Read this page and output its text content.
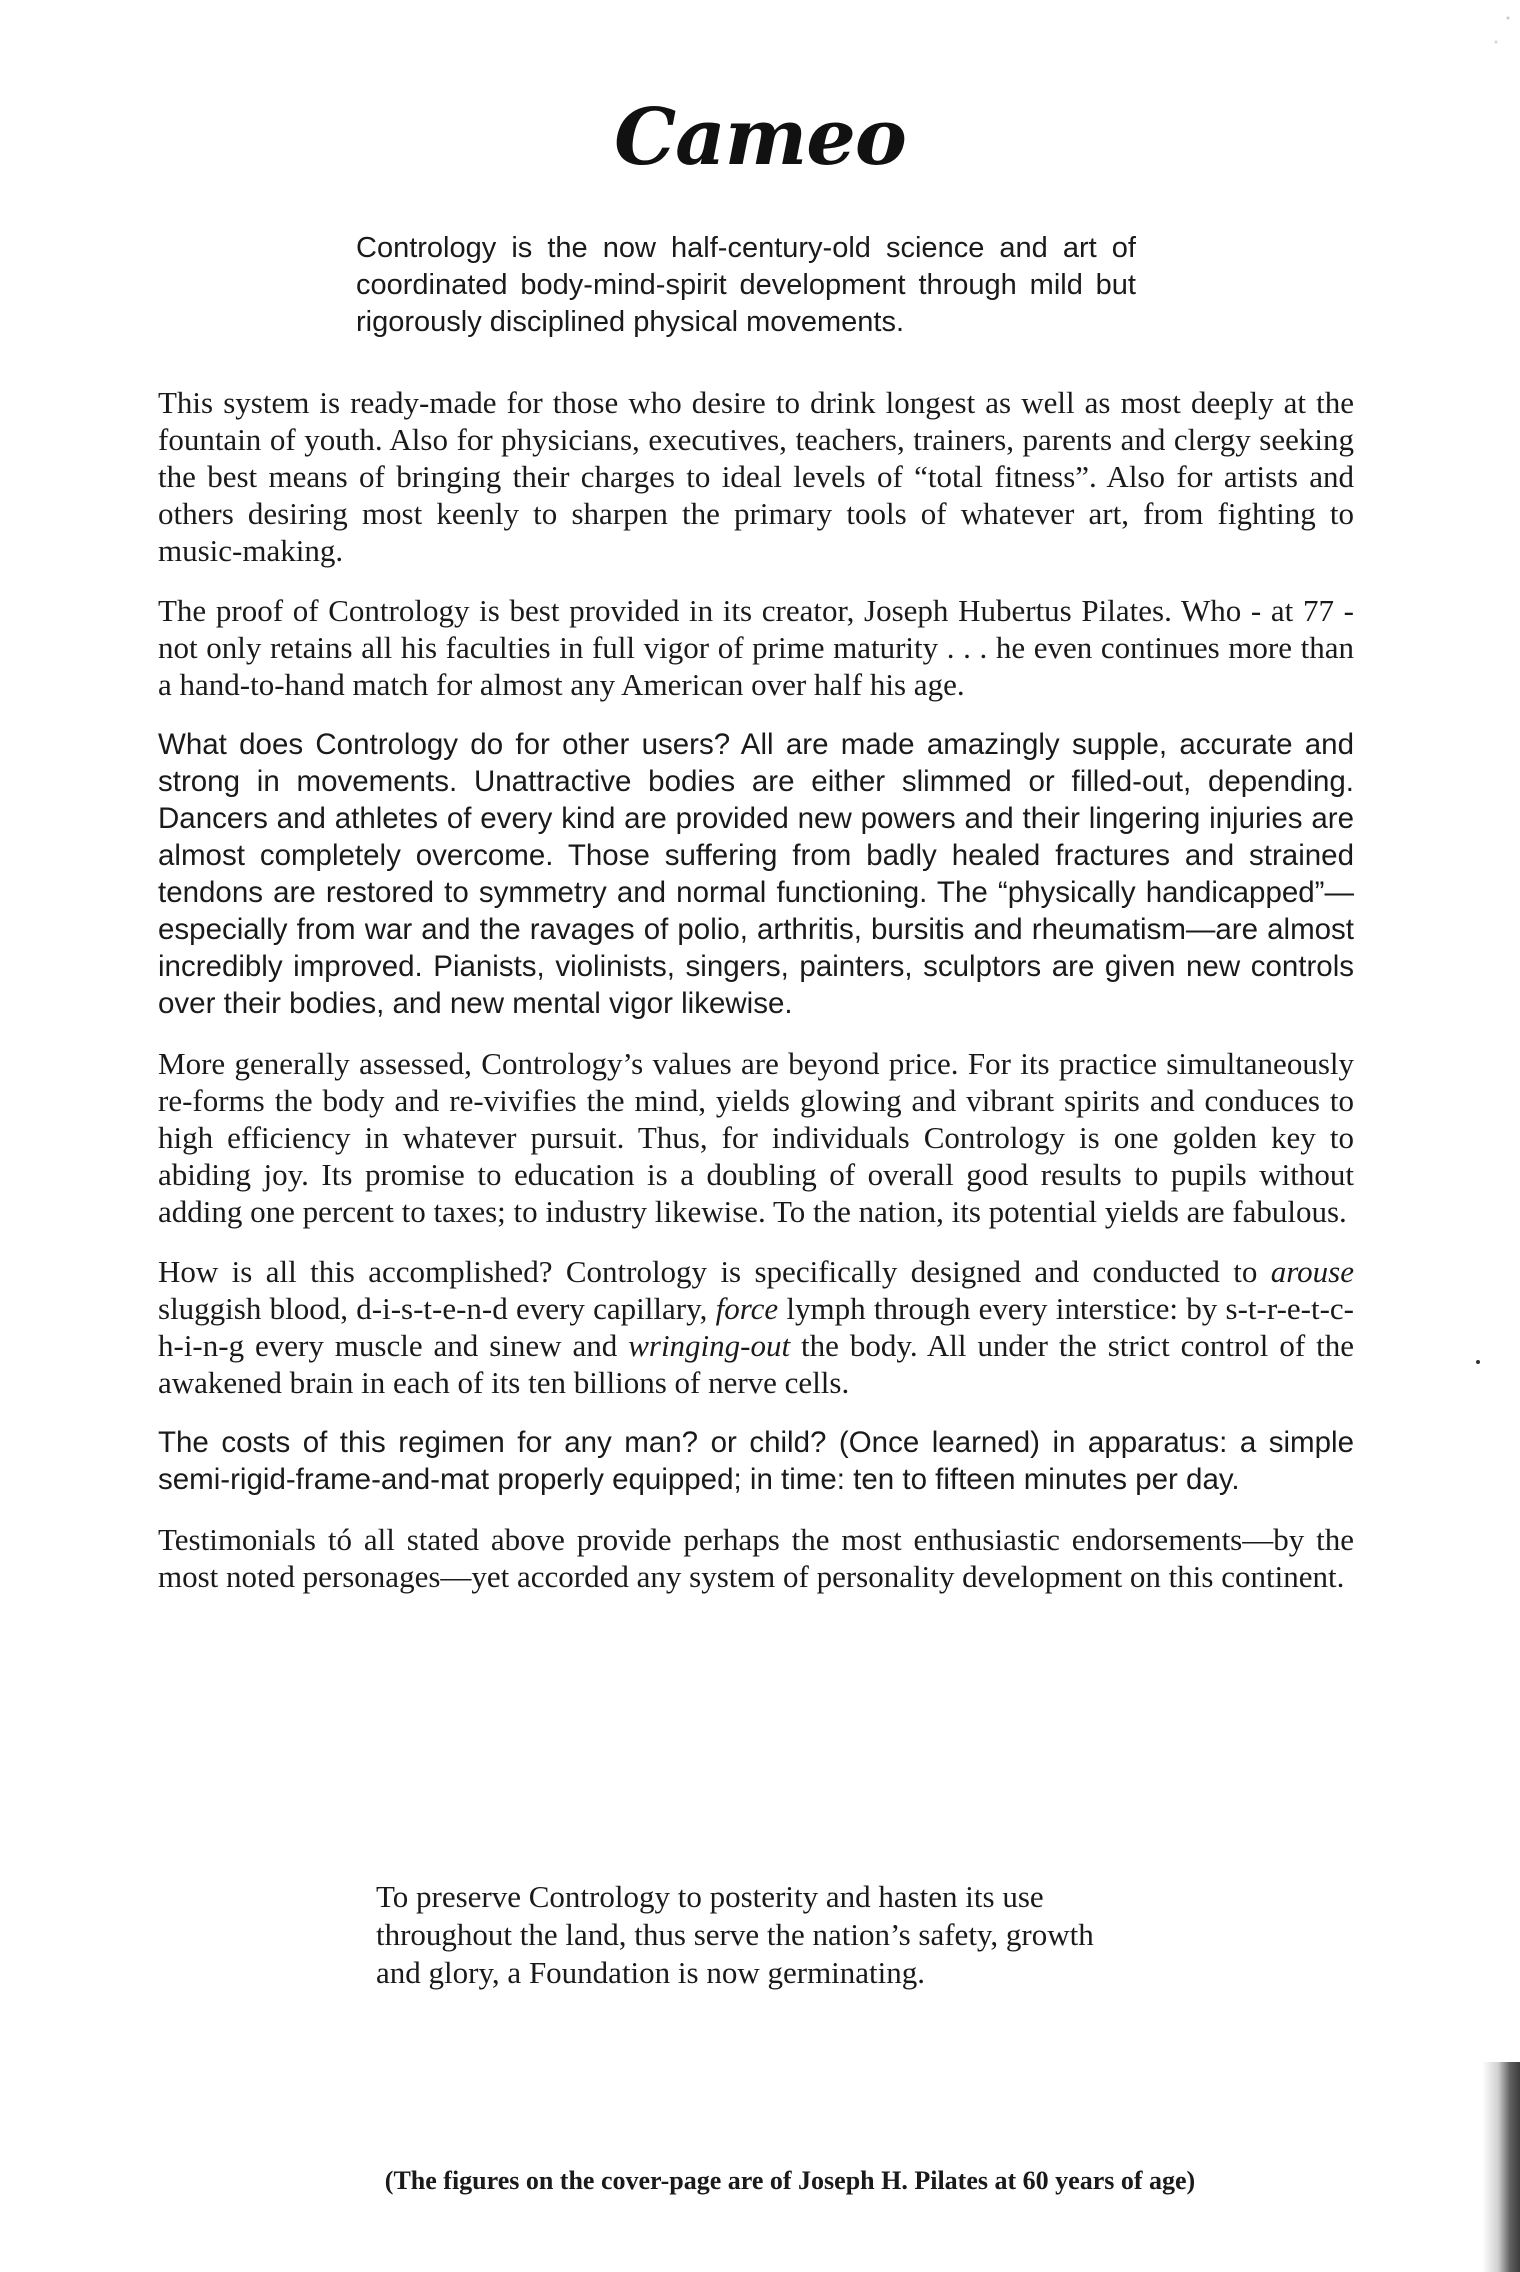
Cameo

Contrology is the now half-century-old science and art of coordinated body-mind-spirit development through mild but rigorously disciplined physical movements.

This system is ready-made for those who desire to drink longest as well as most deeply at the fountain of youth. Also for physicians, executives, teachers, trainers, parents and clergy seeking the best means of bringing their charges to ideal levels of “total fitness”. Also for artists and others desiring most keenly to sharpen the primary tools of whatever art, from fighting to music-making.

The proof of Contrology is best provided in its creator, Joseph Hubertus Pilates. Who - at 77 - not only retains all his faculties in full vigor of prime maturity . . . he even continues more than a hand-to-hand match for almost any American over half his age.

What does Contrology do for other users? All are made amazingly supple, accurate and strong in movements. Unattractive bodies are either slimmed or filled-out, depending. Dancers and athletes of every kind are provided new powers and their lingering injuries are almost completely overcome. Those suffering from badly healed fractures and strained tendons are restored to symmetry and normal functioning. The “physically handicapped”—especially from war and the ravages of polio, arthritis, bursitis and rheumatism—are almost incredibly improved. Pianists, violinists, singers, painters, sculptors are given new controls over their bodies, and new mental vigor likewise.

More generally assessed, Contrology’s values are beyond price. For its practice simultaneously re-forms the body and re-vivifies the mind, yields glowing and vibrant spirits and conduces to high efficiency in whatever pursuit. Thus, for individuals Contrology is one golden key to abiding joy. Its promise to education is a doubling of overall good results to pupils without adding one percent to taxes; to industry likewise. To the nation, its potential yields are fabulous.

How is all this accomplished? Contrology is specifically designed and conducted to arouse sluggish blood, d-i-s-t-e-n-d every capillary, force lymph through every interstice: by s-t-r-e-t-c-h-i-n-g every muscle and sinew and wringing-out the body. All under the strict control of the awakened brain in each of its ten billions of nerve cells.

The costs of this regimen for any man? or child? (Once learned) in apparatus: a simple semi-rigid-frame-and-mat properly equipped; in time: ten to fifteen minutes per day.

Testimonials tó all stated above provide perhaps the most enthusiastic endorsements—by the most noted personages—yet accorded any system of personality development on this continent.

To preserve Contrology to posterity and hasten its use throughout the land, thus serve the nation’s safety, growth and glory, a Foundation is now germinating.

(The figures on the cover-page are of Joseph H. Pilates at 60 years of age)
